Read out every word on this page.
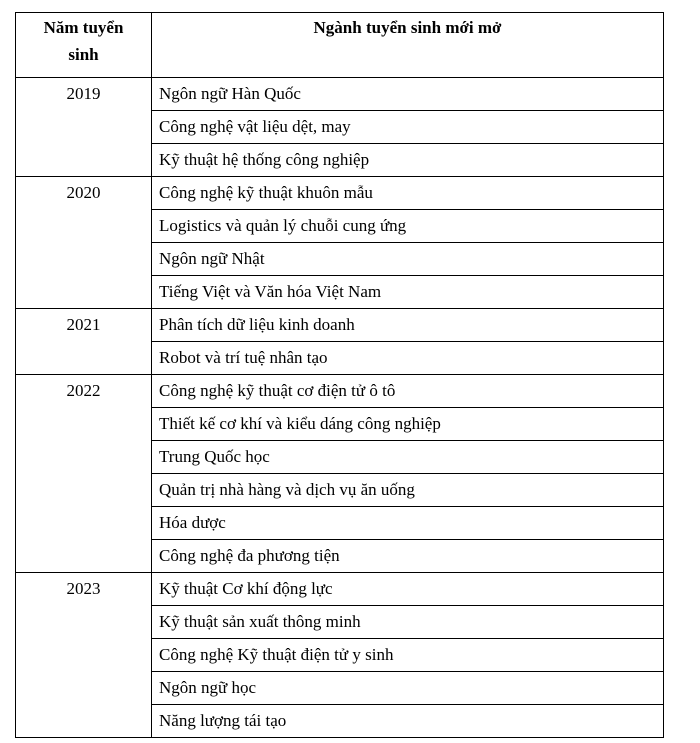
Năm tuyển
sinh	Ngành tuyển sinh mới mở
2019	Ngôn ngữ Hàn Quốc
	Công nghệ vật liệu dệt, may
	Kỹ thuật hệ thống công nghiệp
2020	Công nghệ kỹ thuật khuôn mẫu
	Logistics và quản lý chuỗi cung ứng
	Ngôn ngữ Nhật
	Tiếng Việt và Văn hóa Việt Nam
2021	Phân tích dữ liệu kinh doanh
	Robot và trí tuệ nhân tạo
2022	Công nghệ kỹ thuật cơ điện tử ô tô
	Thiết kế cơ khí và kiểu dáng công nghiệp
	Trung Quốc học
	Quản trị nhà hàng và dịch vụ ăn uống
	Hóa dược
	Công nghệ đa phương tiện
2023	Kỹ thuật Cơ khí động lực
	Kỹ thuật sản xuất thông minh
	Công nghệ Kỹ thuật điện tử y sinh
	Ngôn ngữ học
	Năng lượng tái tạo
